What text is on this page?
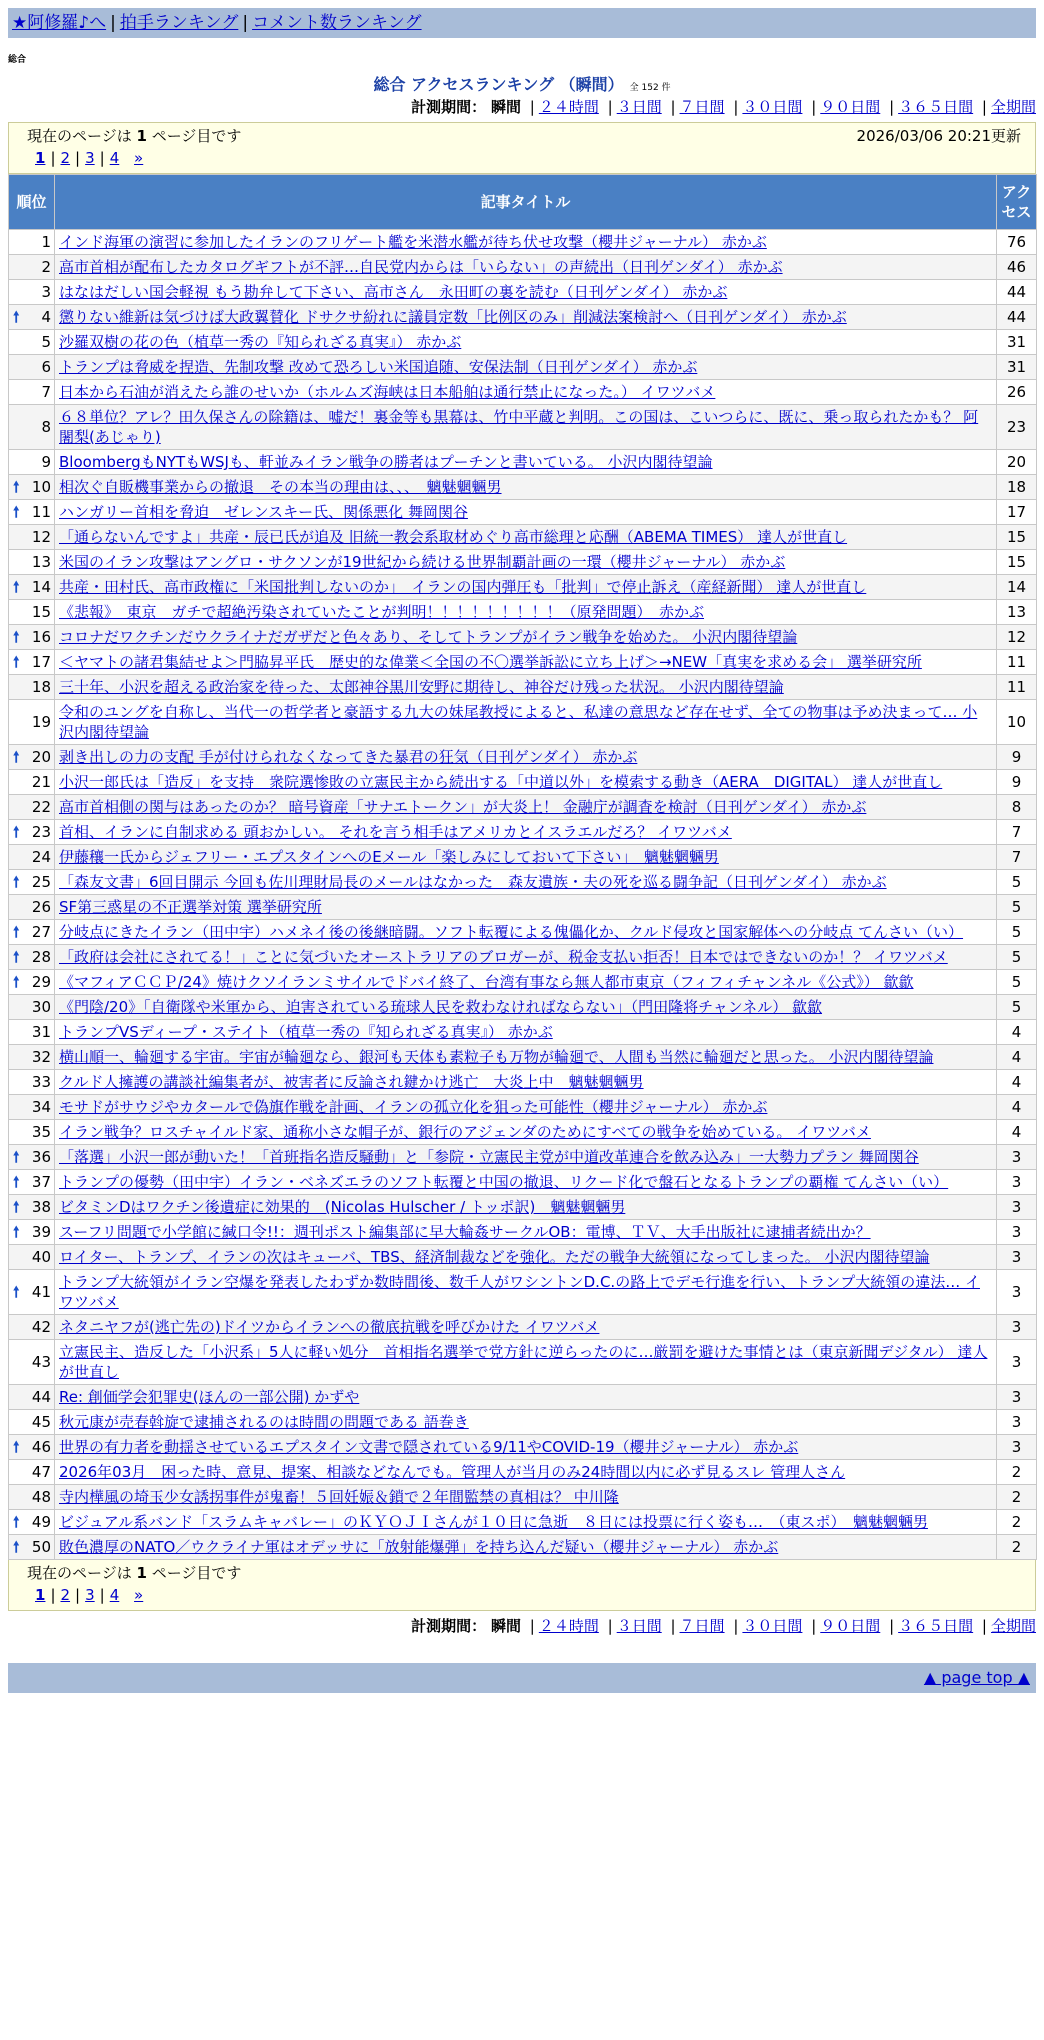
★阿修羅♪へ | 拍手ランキング | コメント数ランキング
総合
総合 アクセスランキング （瞬間） 全 152 件
計測期間： 瞬間 | ２４時間 | ３日間 | ７日間 | ３０日間 | ９０日間 | ３６５日間 | 全期間
現在のページは 1 ページ目です	2026/03/06 20:21更新
1 | 2 | 3 | 4 »
順位	記事タイトル	アクセス
1	インド海軍の演習に参加したイランのフリゲート艦を米潜水艦が待ち伏せ攻撃（櫻井ジャーナル） 赤かぶ	76
2	高市首相が配布したカタログギフトが不評…自民党内からは「いらない」の声続出（日刊ゲンダイ） 赤かぶ	46
3	はなはだしい国会軽視 もう勘弁して下さい、高市さん　永田町の裏を読む（日刊ゲンダイ） 赤かぶ	44

🠕 4	懲りない維新は気づけば大政翼賛化 ドサクサ紛れに議員定数「比例区のみ」削減法案検討へ（日刊ゲンダイ） 赤かぶ	44
5	沙羅双樹の花の色（植草一秀の『知られざる真実』） 赤かぶ	31
6	トランプは脅威を捏造、先制攻撃 改めて恐ろしい米国追随、安保法制（日刊ゲンダイ） 赤かぶ	31
7	日本から石油が消えたら誰のせいか（ホルムズ海峡は日本船舶は通行禁止になった。） イワツバメ	26
8	６８単位？アレ？田久保さんの除籍は、嘘だ！裏金等も黒幕は、竹中平蔵と判明。この国は、こいつらに、既に、乗っ取られたかも？ 阿闍梨(あじゃり)	23
9	BloombergもNYTもWSJも、軒並みイラン戦争の勝者はプーチンと書いている。 小沢内閣待望論	20

🠕 10	相次ぐ自販機事業からの撤退　その本当の理由は、、、　魑魅魍魎男	18

🠕 11	ハンガリー首相を脅迫　ゼレンスキー氏、関係悪化 舞岡関谷	17
12	「通らないんですよ」共産・辰已氏が追及 旧統一教会系取材めぐり高市総理と応酬（ABEMA TIMES） 達人が世直し	15
13	米国のイラン攻撃はアングロ・サクソンが19世紀から続ける世界制覇計画の一環（櫻井ジャーナル） 赤かぶ	15

🠕 14	共産・田村氏、高市政権に「米国批判しないのか」　イランの国内弾圧も「批判」で停止訴え（産経新聞） 達人が世直し	14
15	《悲報》　東京　ガチで超絶汚染されていたことが判明！！！！！！！！！（原発問題）　赤かぶ	13

🠕 16	コロナだワクチンだウクライナだガザだと色々あり、そしてトランプがイラン戦争を始めた。 小沢内閣待望論	12

🠕 17	＜ヤマトの諸君集結せよ＞門脇昇平氏　歴史的な偉業＜全国の不〇選挙訴訟に立ち上げ＞→NEW「真実を求める会」 選挙研究所	11
18	三十年、小沢を超える政治家を待った、太郎神谷黒川安野に期待し、神谷だけ残った状況。 小沢内閣待望論	11
19	令和のユングを自称し、当代一の哲学者と豪語する九大の妹尾教授によると、私達の意思など存在せず、全ての物事は予め決まって… 小沢内閣待望論	10

🠕 20	剥き出しの力の支配 手が付けられなくなってきた暴君の狂気（日刊ゲンダイ） 赤かぶ	9
21	小沢一郎氏は「造反」を支持　衆院選惨敗の立憲民主から続出する「中道以外」を模索する動き（AERA　DIGITAL） 達人が世直し	9
22	高市首相側の関与はあったのか？ 暗号資産「サナエトークン」が大炎上！ 金融庁が調査を検討（日刊ゲンダイ） 赤かぶ	8

🠕 23	首相、イランに自制求める 頭おかしい。 それを言う相手はアメリカとイスラエルだろ？ イワツバメ	7
24	伊藤穰一氏からジェフリー・エプスタインへのEメール「楽しみにしておいて下さい」　魑魅魍魎男	7

🠕 25	「森友文書」6回目開示 今回も佐川理財局長のメールはなかった　森友遺族・夫の死を巡る闘争記（日刊ゲンダイ） 赤かぶ	5
26	SF第三惑星の不正選挙対策 選挙研究所	5

🠕 27	分岐点にきたイラン（田中宇）ハメネイ後の後継暗闘。ソフト転覆による傀儡化か、クルド侵攻と国家解体への分岐点 てんさい（い）	5

🠕 28	「政府は会社にされてる！」ことに気づいたオーストラリアのブロガーが、税金支払い拒否！日本ではできないのか！？ イワツバメ	5

🠕 29	《マフィアＣＣＰ/24》焼けクソイランミサイルでドバイ終了、台湾有事なら無人都市東京（フィフィチャンネル《公式》） 歙歙	5
30	《門陰/20》「自衛隊や米軍から、迫害されている琉球人民を救わなければならない」（門田隆将チャンネル） 歙歙	5
31	トランプVSディープ・ステイト（植草一秀の『知られざる真実』） 赤かぶ	4
32	横山順一、輪廻する宇宙。宇宙が輪廻なら、銀河も天体も素粒子も万物が輪廻で、人間も当然に輪廻だと思った。 小沢内閣待望論	4
33	クルド人擁護の講談社編集者が、被害者に反論され鍵かけ逃亡　大炎上中　魑魅魍魎男	4
34	モサドがサウジやカタールで偽旗作戦を計画、イランの孤立化を狙った可能性（櫻井ジャーナル） 赤かぶ	4
35	イラン戦争？ロスチャイルド家、通称小さな帽子が、銀行のアジェンダのためにすべての戦争を始めている。 イワツバメ	4

🠕 36	「落選」小沢一郎が動いた！「首班指名造反騒動」と「参院・立憲民主党が中道改革連合を飲み込み」一大勢力プラン 舞岡関谷	3

🠕 37	トランプの優勢（田中宇）イラン・ベネズエラのソフト転覆と中国の撤退、リクード化で盤石となるトランプの覇権 てんさい（い）	3

🠕 38	ビタミンDはワクチン後遺症に効果的　(Nicolas Hulscher / トッポ訳)　魑魅魍魎男	3

🠕 39	スーフリ問題で小学館に緘口令!!：週刊ポスト編集部に早大輪姦サークルOB：電博、ＴＶ、大手出版社に逮捕者続出か？	3
40	ロイター、トランプ、イランの次はキューバ、TBS、経済制裁などを強化。ただの戦争大統領になってしまった。 小沢内閣待望論	3

🠕 41	トランプ大統領がイラン空爆を発表したわずか数時間後、数千人がワシントンD.C.の路上でデモ行進を行い、トランプ大統領の違法… イワツバメ	3
42	ネタニヤフが(逃亡先の)ドイツからイランへの徹底抗戦を呼びかけた イワツバメ	3
43	立憲民主、造反した「小沢系」5人に軽い処分　首相指名選挙で党方針に逆らったのに…厳罰を避けた事情とは（東京新聞デジタル） 達人が世直し	3
44	Re: 創価学会犯罪史(ほんの一部公開) かずや	3
45	秋元康が売春斡旋で逮捕されるのは時間の問題である 語巻き	3

🠕 46	世界の有力者を動揺させているエプスタイン文書で隠されている9/11やCOVID-19（櫻井ジャーナル） 赤かぶ	3
47	2026年03月　困った時、意見、提案、相談などなんでも。管理人が当月のみ24時間以内に必ず見るスレ 管理人さん	2
48	寺内樺風の埼玉少女誘拐事件が鬼畜！５回妊娠＆鎖で２年間監禁の真相は？ 中川隆	2

🠕 49	ビジュアル系バンド「スラムキャバレー」のＫＹＯＪＩさんが１０日に急逝　８日には投票に行く姿も…　（東スポ）　魑魅魍魎男	2

🠕 50	敗色濃厚のNATO／ウクライナ軍はオデッサに「放射能爆弾」を持ち込んだ疑い（櫻井ジャーナル） 赤かぶ	2
現在のページは 1 ページ目です
1 | 2 | 3 | 4 »
計測期間： 瞬間 | ２４時間 | ３日間 | ７日間 | ３０日間 | ９０日間 | ３６５日間 | 全期間
▲ page top ▲
